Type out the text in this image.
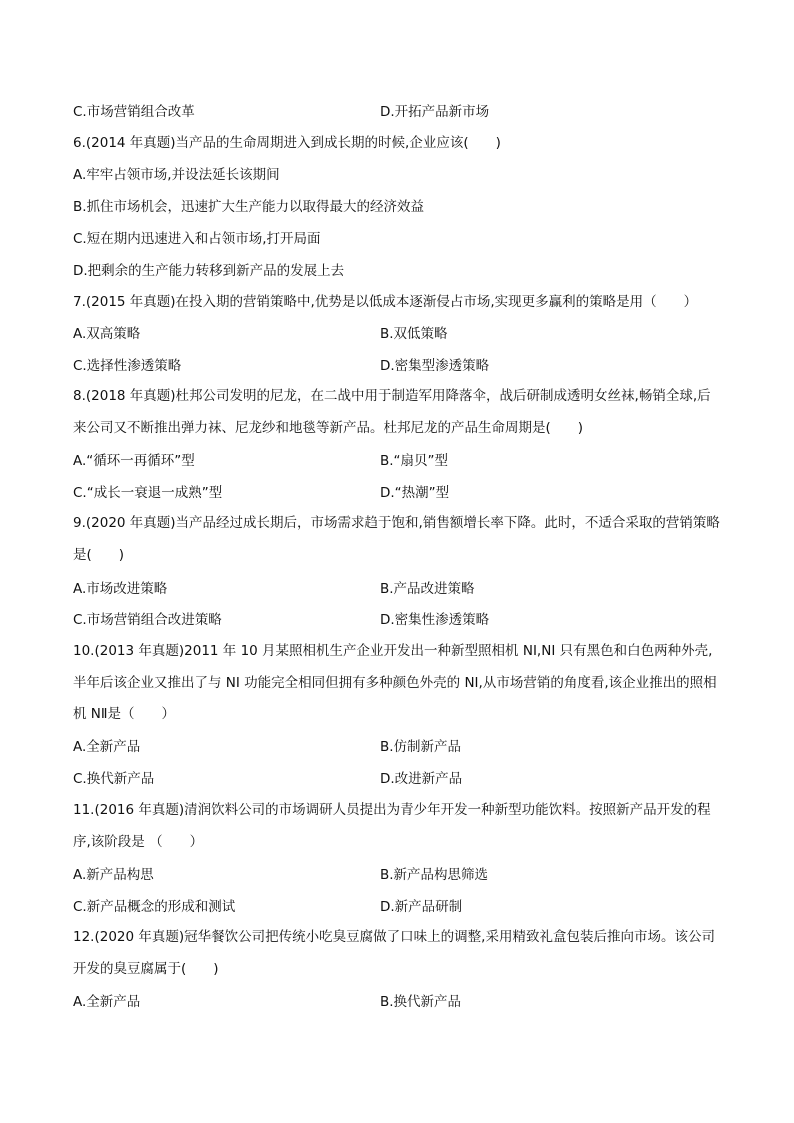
C.市场营销组合改革	D.开拓产品新市场
6.(2014 年真题)当产品的生命周期进入到成长期的时候,企业应该(　　)
A.牢牢占领市场,并设法延长该期间
B.抓住市场机会，迅速扩大生产能力以取得最大的经济效益
C.短在期内迅速进入和占领市场,打开局面
D.把剩余的生产能力转移到新产品的发展上去
7.(2015 年真题)在投入期的营销策略中,优势是以低成本逐渐侵占市场,实现更多赢利的策略是用（　　）
A.双高策略	B.双低策略
C.选择性渗透策略	D.密集型渗透策略
8.(2018 年真题)杜邦公司发明的尼龙，在二战中用于制造军用降落伞，战后研制成透明女丝袜,畅销全球,后来公司又不断推出弹力袜、尼龙纱和地毯等新产品。杜邦尼龙的产品生命周期是(　　)
A.“循环一再循环”型	B.“扇贝”型
C.“成长一衰退一成熟”型	D.“热潮”型
9.(2020 年真题)当产品经过成长期后，市场需求趋于饱和,销售额增长率下降。此时，不适合采取的营销策略是(　　)
A.市场改进策略	B.产品改进策略
C.市场营销组合改进策略	D.密集性渗透策略
10.(2013 年真题)2011 年 10 月某照相机生产企业开发出一种新型照相机 NI,NI 只有黑色和白色两种外壳,半年后该企业又推出了与 NI 功能完全相同但拥有多种颜色外壳的 NI,从市场营销的角度看,该企业推出的照相机 NⅡ是（　　）
A.全新产品	B.仿制新产品
C.换代新产品	D.改进新产品
11.(2016 年真题)清润饮料公司的市场调研人员提出为青少年开发一种新型功能饮料。按照新产品开发的程序,该阶段是 （　　）
A.新产品构思	B.新产品构思筛选
C.新产品概念的形成和测试	D.新产品研制
12.(2020 年真题)冠华餐饮公司把传统小吃臭豆腐做了口味上的调整,采用精致礼盒包装后推向市场。该公司开发的臭豆腐属于(　　)
A.全新产品	B.换代新产品
